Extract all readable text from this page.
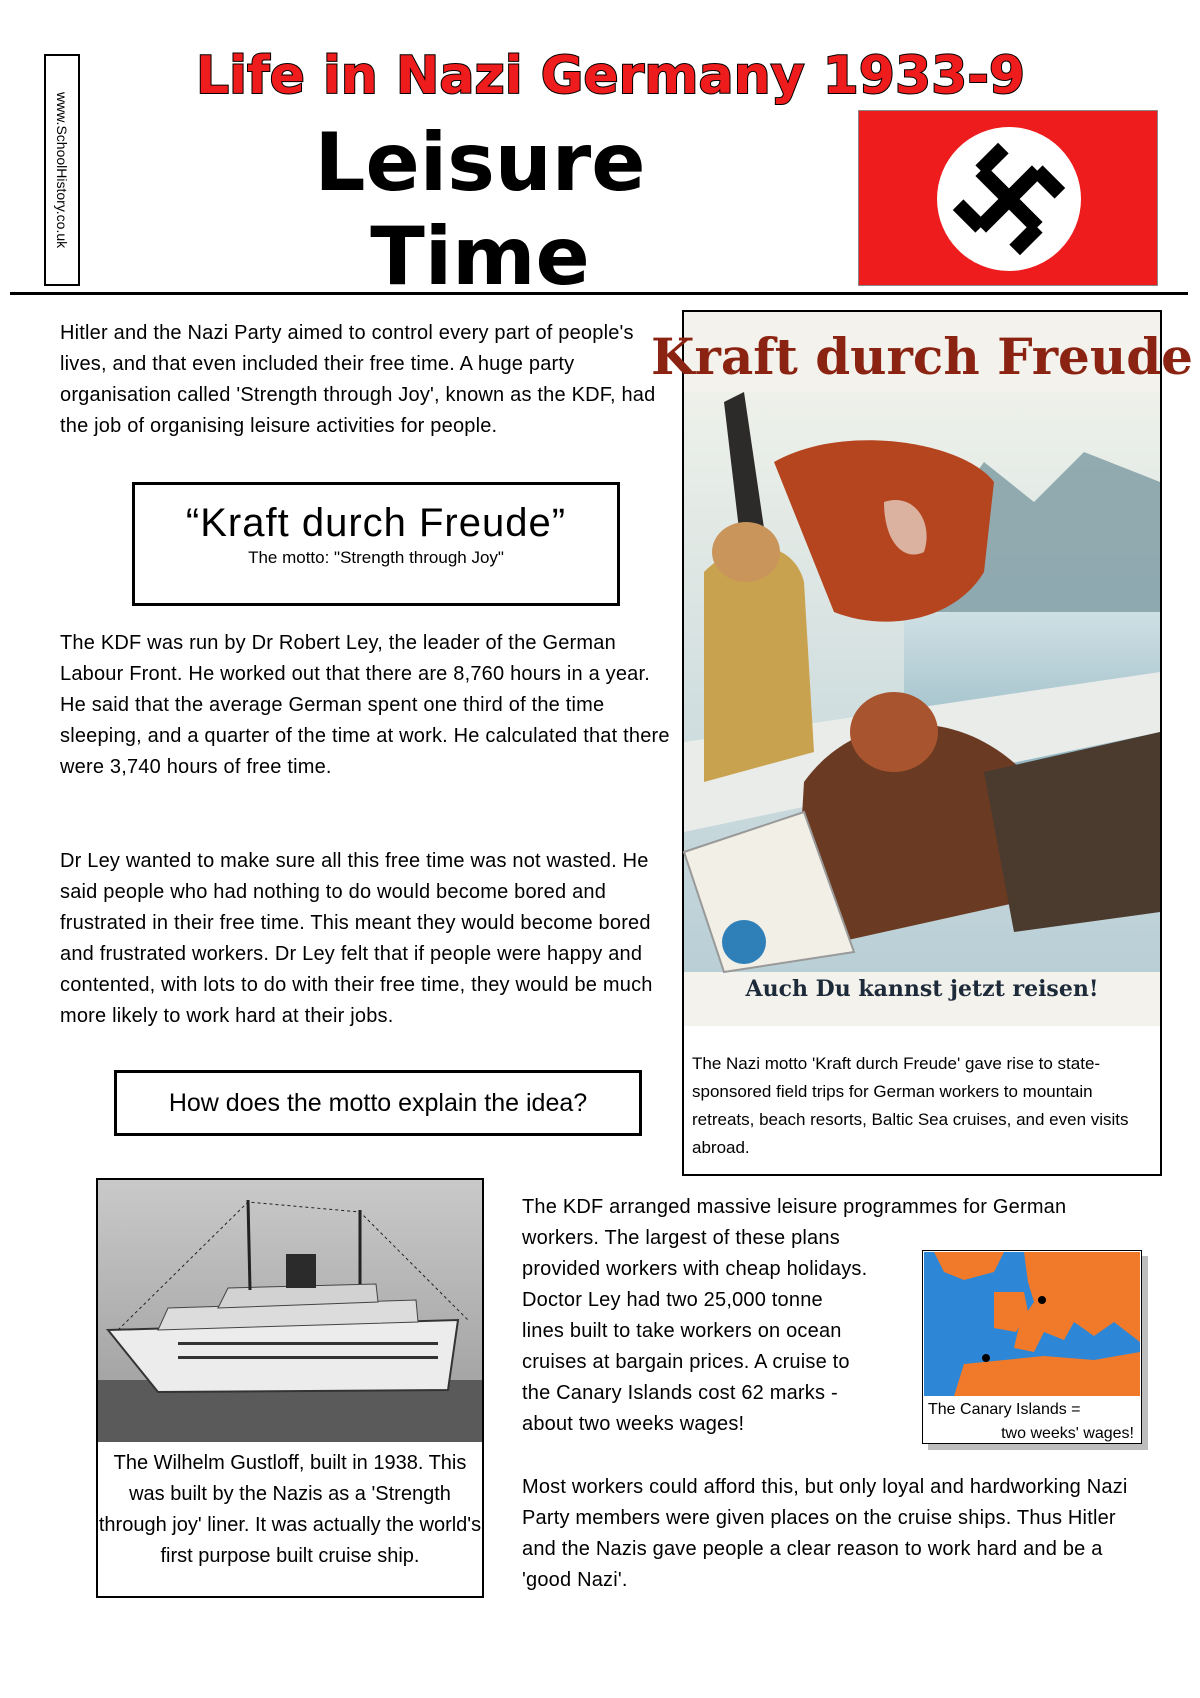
www.SchoolHistory.co.uk
Life in Nazi Germany 1933-9
Leisure
Time
Hitler and the Nazi Party aimed to control every part of people's lives, and that even included their free time. A huge party organisation called 'Strength through Joy', known as the KDF, had the job of organising leisure activities for people.
“Kraft durch Freude”
The motto: "Strength through Joy"
The KDF was run by Dr Robert Ley, the leader of the German Labour Front. He worked out that there are 8,760 hours in a year. He said that the average German spent one third of the time sleeping, and a quarter of the time at work. He calculated that there were 3,740 hours of free time.
Dr Ley wanted to make sure all this free time was not wasted. He said people who had nothing to do would become bored and frustrated in their free time. This meant they would become bored and frustrated workers. Dr Ley felt that if people were happy and contented, with lots to do with their free time, they would be much more likely to work hard at their jobs.
How does the motto explain the idea?
Kraft durch Freude
Auch Du kannst jetzt reisen!
The Nazi motto 'Kraft durch Freude' gave rise to state-sponsored field trips for German workers to mountain retreats, beach resorts, Baltic Sea cruises, and even visits abroad.
The Wilhelm Gustloff, built in 1938. This was built by the Nazis as a 'Strength through joy' liner. It was actually the world's first purpose built cruise ship.
The KDF arranged massive leisure programmes for German
workers. The largest of these plans
provided workers with cheap holidays.
Doctor Ley had two 25,000 tonne
lines built to take workers on ocean
cruises at bargain prices. A cruise to
the Canary Islands cost 62 marks -
about two weeks wages!
The Canary Islands =
two weeks' wages!
Most workers could afford this, but only loyal and hardworking Nazi Party members were given places on the cruise ships. Thus Hitler and the Nazis gave people a clear reason to work hard and be a 'good Nazi'.
